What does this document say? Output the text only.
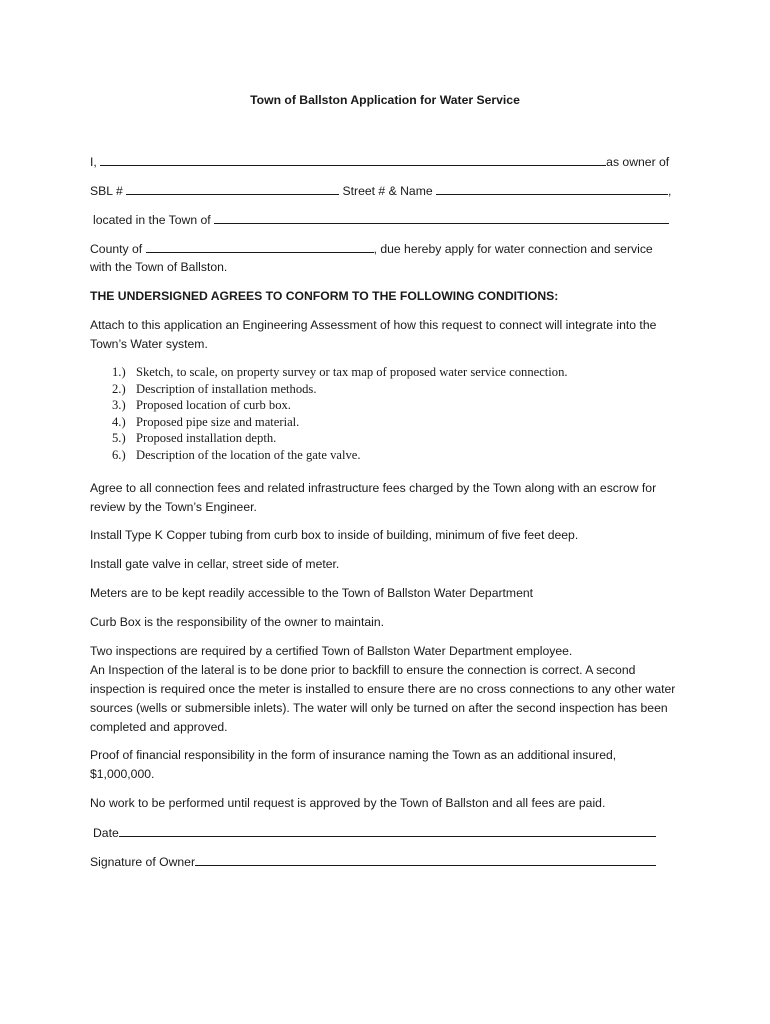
Town of Ballston Application for Water Service
I,	as owner of
SBL #	Street # & Name	,
located in the Town of
County of	, due hereby apply for water connection and service
with the Town of Ballston.
THE UNDERSIGNED AGREES TO CONFORM TO THE FOLLOWING CONDITIONS:
Attach to this application an Engineering Assessment of how this request to connect will integrate into the Town’s Water system.
1.) Sketch, to scale, on property survey or tax map of proposed water service connection.
2.) Description of installation methods.
3.) Proposed location of curb box.
4.) Proposed pipe size and material.
5.) Proposed installation depth.
6.) Description of the location of the gate valve.
Agree to all connection fees and related infrastructure fees charged by the Town along with an escrow for review by the Town’s Engineer.
Install Type K Copper tubing from curb box to inside of building, minimum of five feet deep.
Install gate valve in cellar, street side of meter.
Meters are to be kept readily accessible to the Town of Ballston Water Department
Curb Box is the responsibility of the owner to maintain.
Two inspections are required by a certified Town of Ballston Water Department employee.
An Inspection of the lateral is to be done prior to backfill to ensure the connection is correct. A second inspection is required once the meter is installed to ensure there are no cross connections to any other water sources (wells or submersible inlets). The water will only be turned on after the second inspection has been completed and approved.
Proof of financial responsibility in the form of insurance naming the Town as an additional insured, $1,000,000.
No work to be performed until request is approved by the Town of Ballston and all fees are paid.
Date
Signature of Owner
